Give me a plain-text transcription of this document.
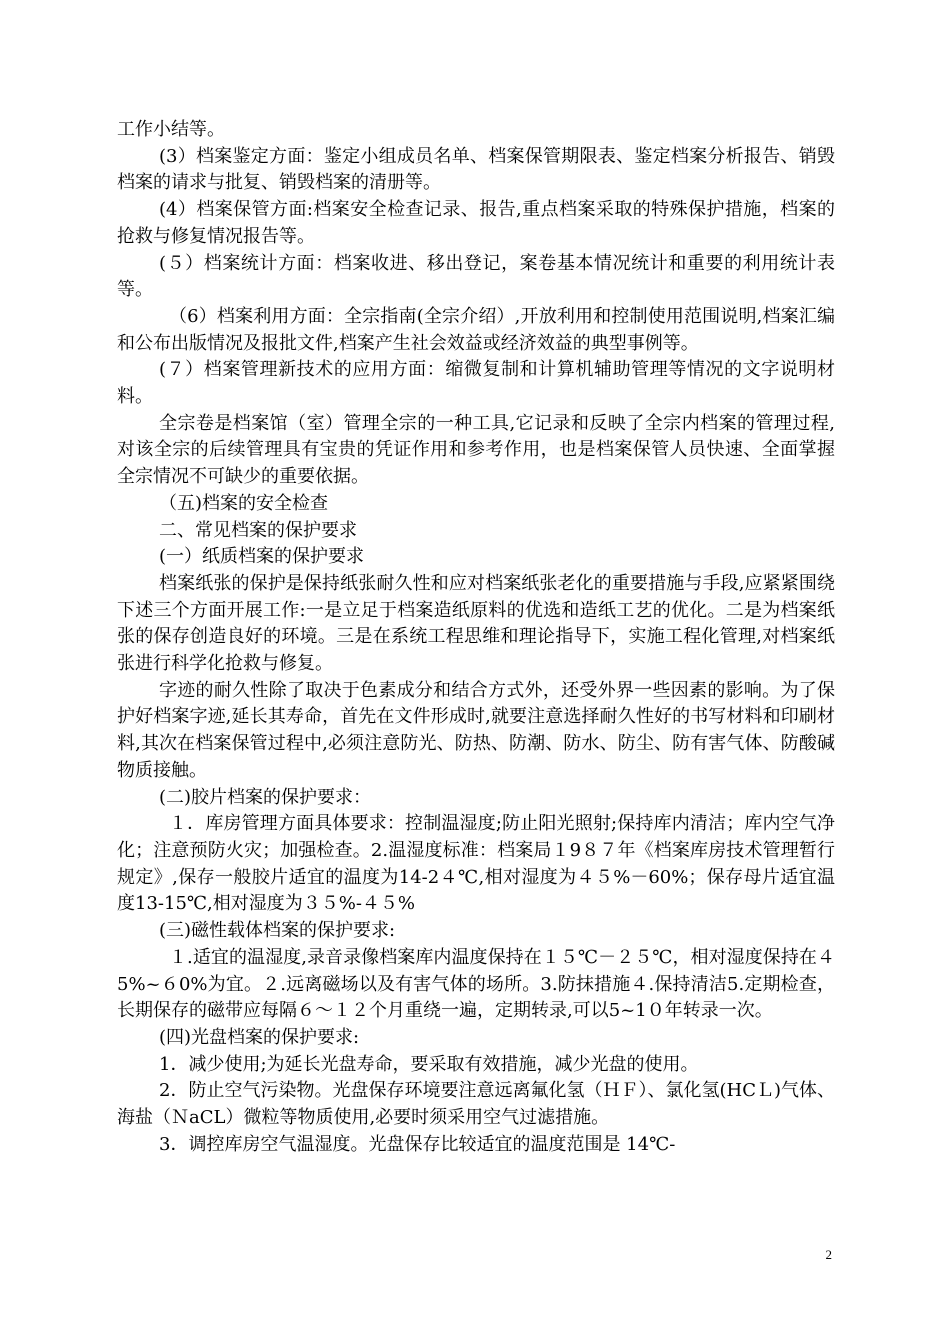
工作小结等。

(3）档案鉴定方面：鉴定小组成员名单、档案保管期限表、鉴定档案分析报告、销毁档案的请求与批复、销毁档案的清册等。

(4）档案保管方面:档案安全检查记录、报告,重点档案采取的特殊保护措施，档案的抢救与修复情况报告等。

(５）档案统计方面：档案收进、移出登记，案卷基本情况统计和重要的利用统计表等。

（6）档案利用方面：全宗指南(全宗介绍）,开放利用和控制使用范围说明,档案汇编和公布出版情况及报批文件,档案产生社会效益或经济效益的典型事例等。

(７）档案管理新技术的应用方面：缩微复制和计算机辅助管理等情况的文字说明材料。

全宗卷是档案馆（室）管理全宗的一种工具,它记录和反映了全宗内档案的管理过程,对该全宗的后续管理具有宝贵的凭证作用和参考作用，也是档案保管人员快速、全面掌握全宗情况不可缺少的重要依据。

（五)档案的安全检查

二、常见档案的保护要求

(一）纸质档案的保护要求

档案纸张的保护是保持纸张耐久性和应对档案纸张老化的重要措施与手段,应紧紧围绕下述三个方面开展工作:一是立足于档案造纸原料的优选和造纸工艺的优化。二是为档案纸张的保存创造良好的环境。三是在系统工程思维和理论指导下，实施工程化管理,对档案纸张进行科学化抢救与修复。

字迹的耐久性除了取决于色素成分和结合方式外，还受外界一些因素的影响。为了保护好档案字迹,延长其寿命，首先在文件形成时,就要注意选择耐久性好的书写材料和印刷材料,其次在档案保管过程中,必须注意防光、防热、防潮、防水、防尘、防有害气体、防酸碱物质接触。

(二)胶片档案的保护要求：

１．库房管理方面具体要求：控制温湿度;防止阳光照射;保持库内清洁；库内空气净化；注意预防火灾；加强检查。2.温湿度标准：档案局１9８７年《档案库房技术管理暂行规定》,保存一般胶片适宜的温度为14-2４℃,相对湿度为４５%－60%；保存母片适宜温度13-15℃,相对湿度为３５%-４５%

(三)磁性载体档案的保护要求:

１.适宜的温湿度,录音录像档案库内温度保持在１５℃－２５℃，相对湿度保持在４5%~６0%为宜。２.远离磁场以及有害气体的场所。3.防抹措施４.保持清洁5.定期检查，长期保存的磁带应每隔６～１２个月重绕一遍，定期转录,可以5~1０年转录一次。

(四)光盘档案的保护要求:

1．减少使用;为延长光盘寿命，要采取有效措施，减少光盘的使用。

2．防止空气污染物。光盘保存环境要注意远离氟化氢（ＨＦ）、氯化氢(HCＬ)气体、海盐（ＮaCL）微粒等物质使用,必要时须采用空气过滤措施。

3．调控库房空气温湿度。光盘保存比较适宜的温度范围是 14℃-

2
